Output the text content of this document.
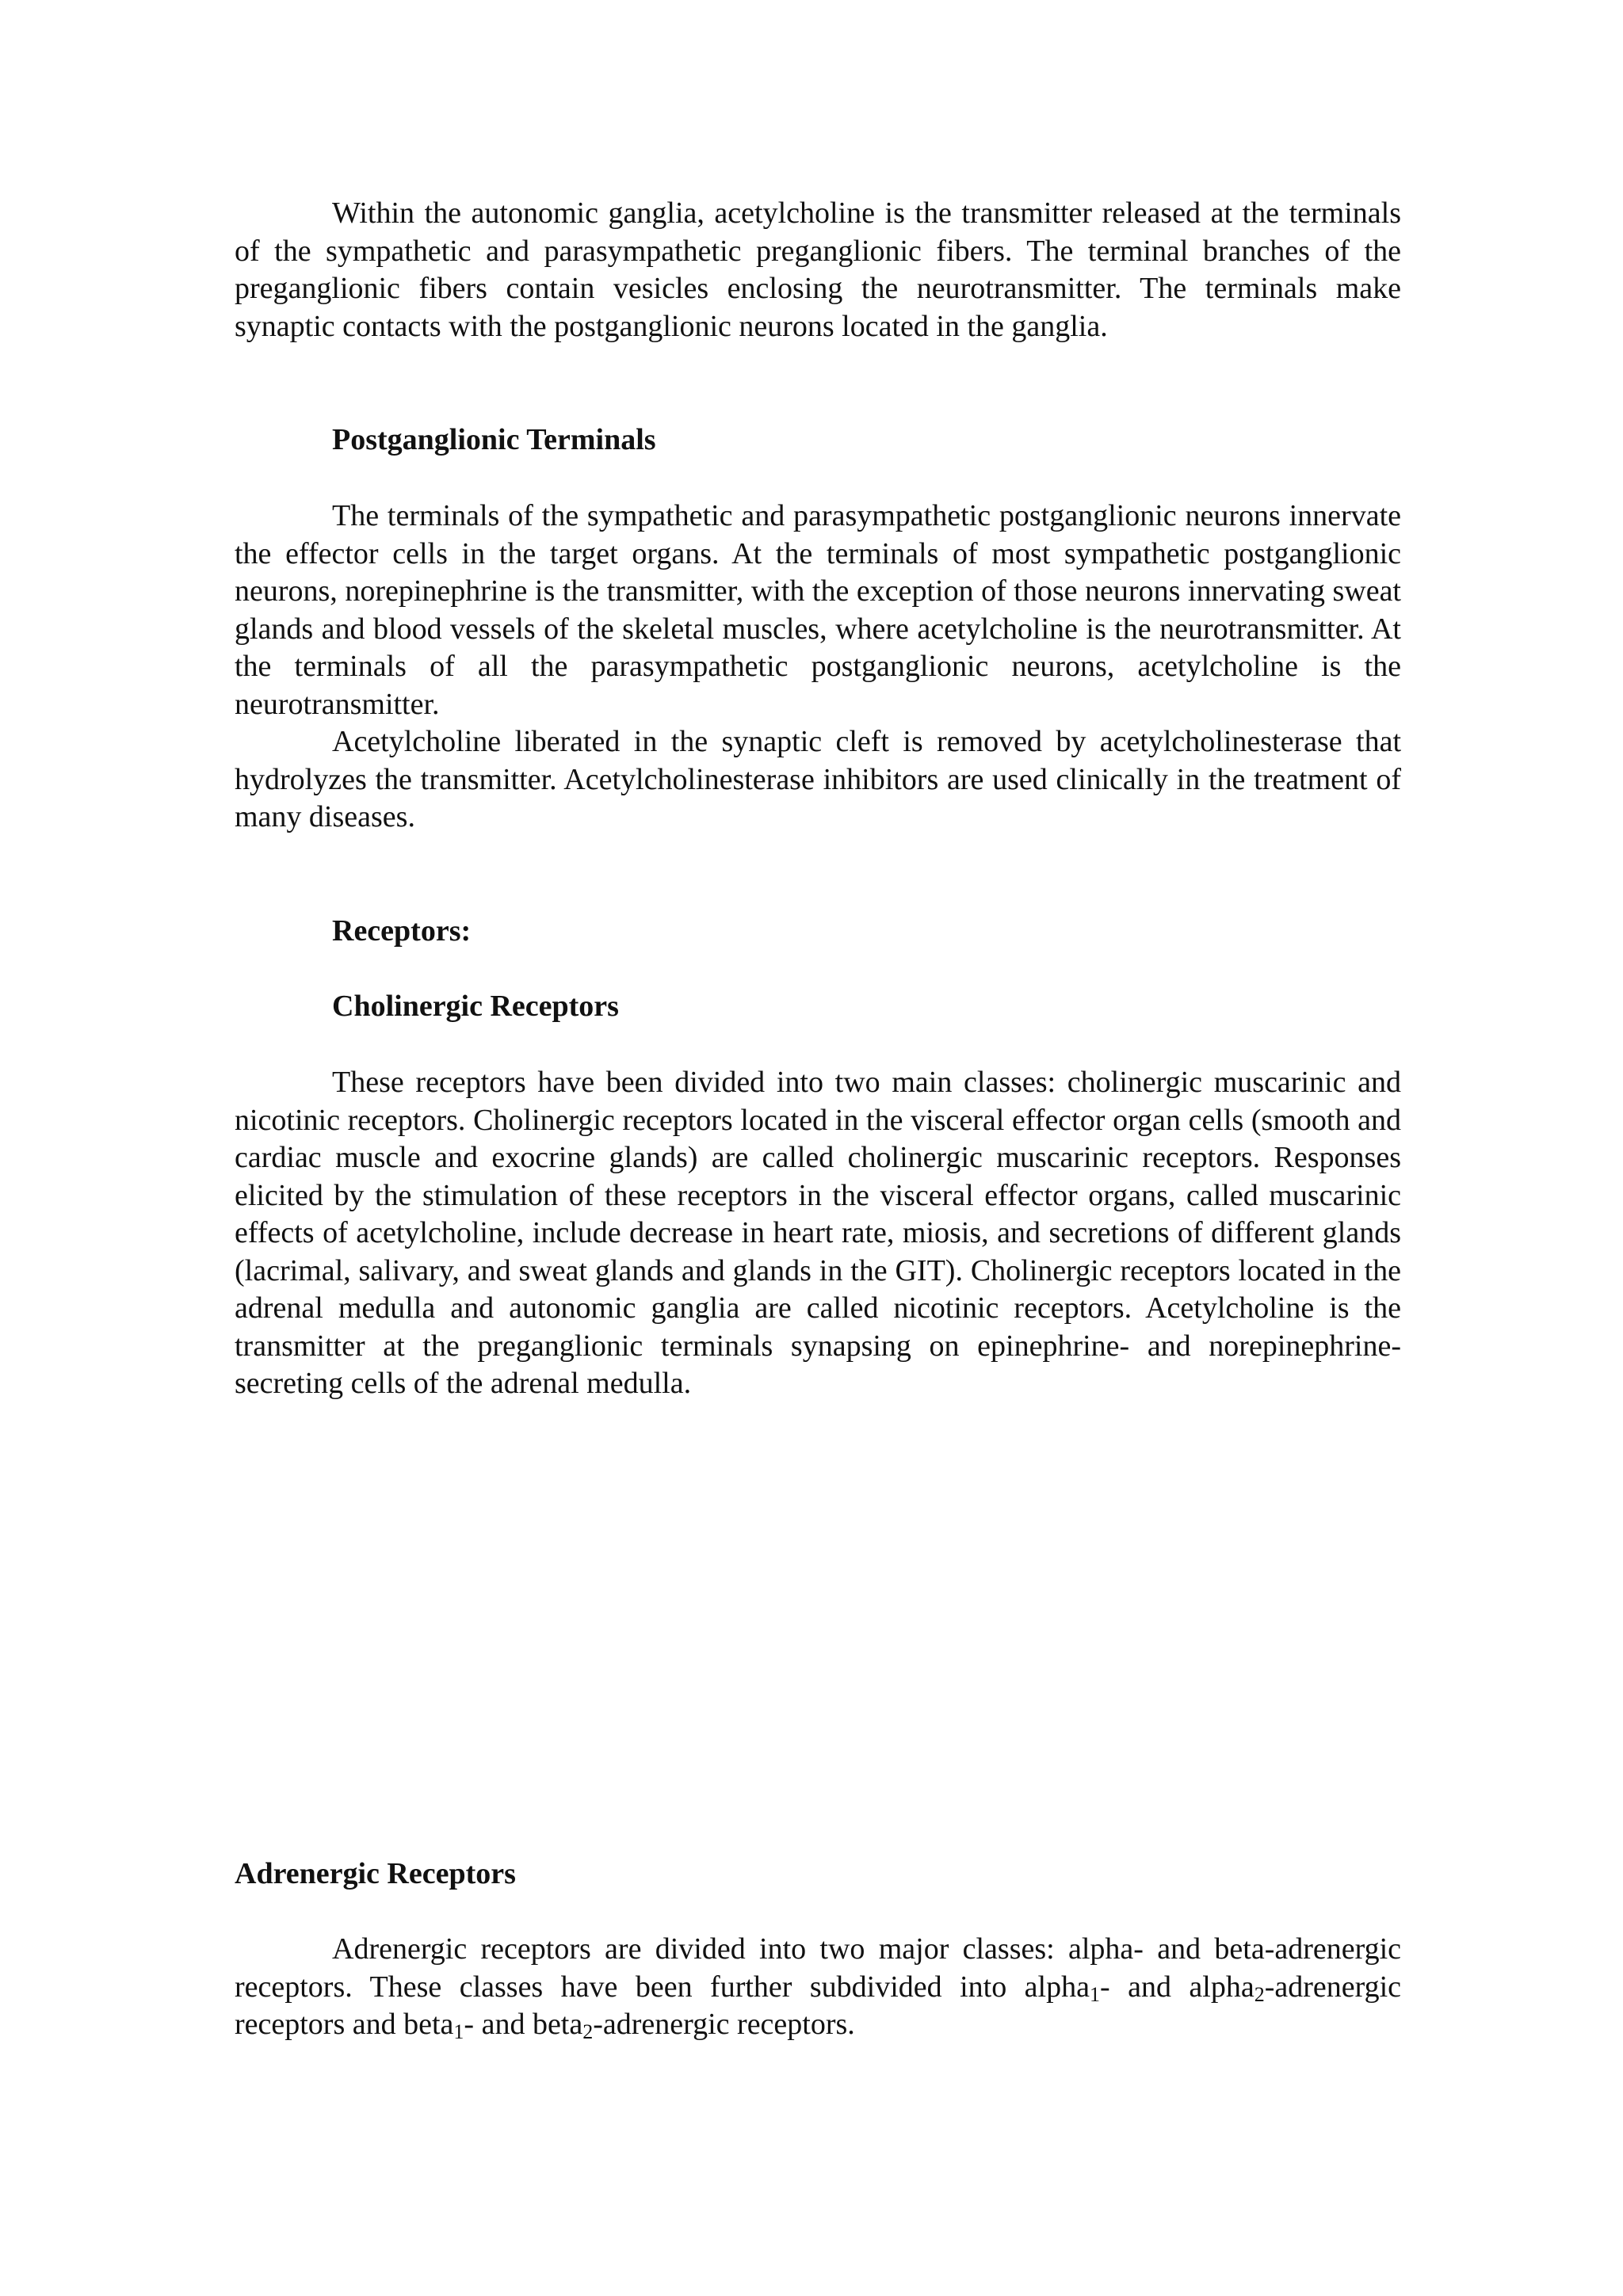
Within the autonomic ganglia, acetylcholine is the transmitter released at the terminals of the sympathetic and parasympathetic preganglionic fibers. The terminal branches of the preganglionic fibers contain vesicles enclosing the neurotransmitter. The terminals make synaptic contacts with the postganglionic neurons located in the ganglia.

Postganglionic Terminals

The terminals of the sympathetic and parasympathetic postganglionic neurons innervate the effector cells in the target organs. At the terminals of most sympathetic postganglionic neurons, norepinephrine is the transmitter, with the exception of those neurons innervating sweat glands and blood vessels of the skeletal muscles, where acetylcholine is the neurotransmitter. At the terminals of all the parasympathetic postganglionic neurons, acetylcholine is the neurotransmitter.

Acetylcholine liberated in the synaptic cleft is removed by acetylcholinesterase that hydrolyzes the transmitter. Acetylcholinesterase inhibitors are used clinically in the treatment of many diseases.

Receptors:

Cholinergic Receptors

These receptors have been divided into two main classes: cholinergic muscarinic and nicotinic receptors. Cholinergic receptors located in the visceral effector organ cells (smooth and cardiac muscle and exocrine glands) are called cholinergic muscarinic receptors. Responses elicited by the stimulation of these receptors in the visceral effector organs, called muscarinic effects of acetylcholine, include decrease in heart rate, miosis, and secretions of different glands (lacrimal, salivary, and sweat glands and glands in the GIT). Cholinergic receptors located in the adrenal medulla and autonomic ganglia are called nicotinic receptors. Acetylcholine is the transmitter at the preganglionic terminals synapsing on epinephrine- and norepinephrine-secreting cells of the adrenal medulla.

Adrenergic Receptors

Adrenergic receptors are divided into two major classes: alpha- and beta-adrenergic receptors. These classes have been further subdivided into alpha$_1$- and alpha$_2$-adrenergic receptors and beta$_1$- and beta$_2$-adrenergic receptors.
